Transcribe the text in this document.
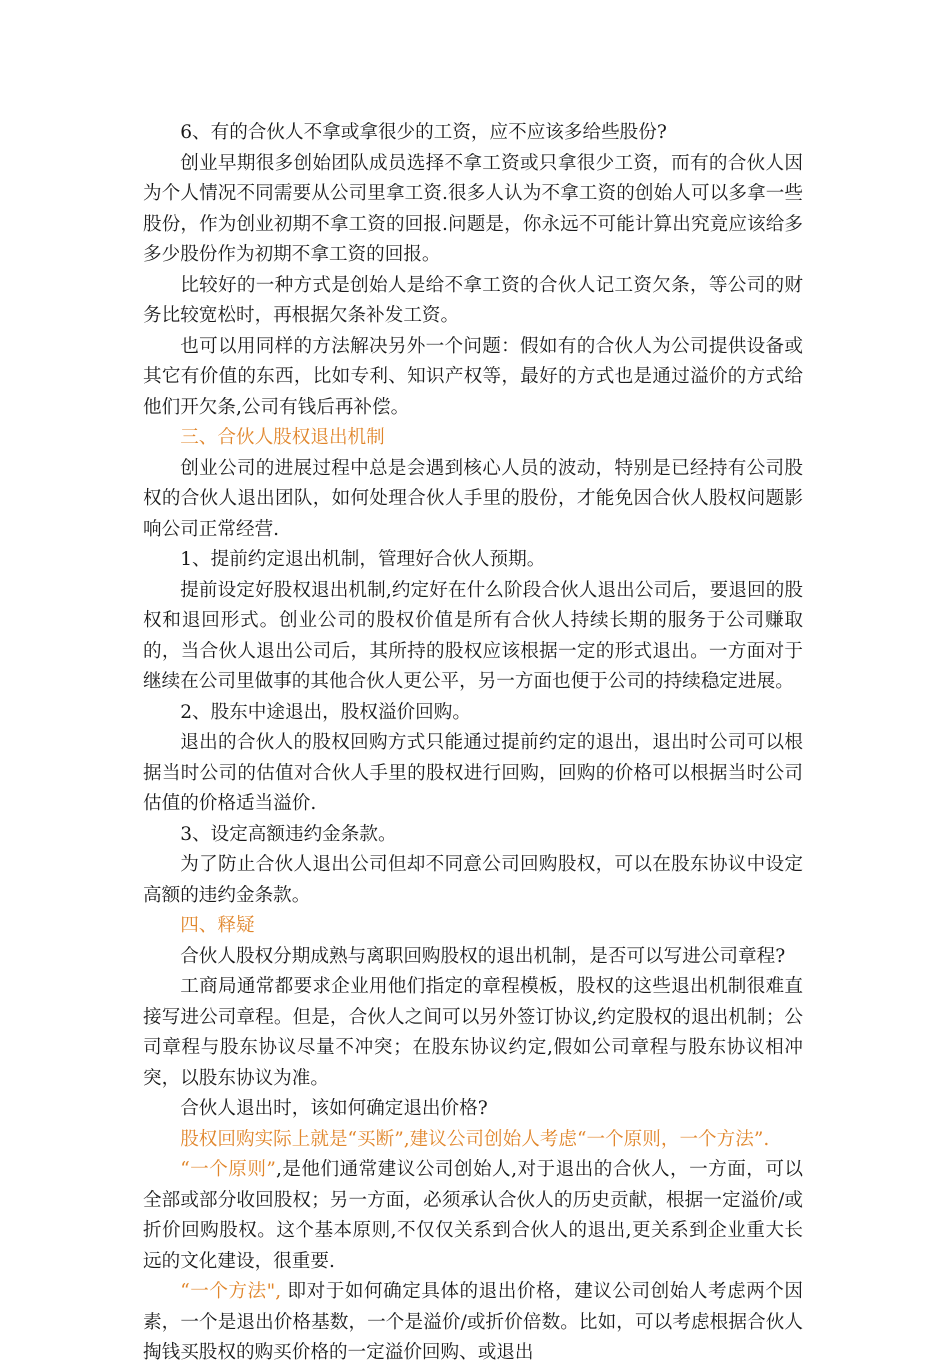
6、有的合伙人不拿或拿很少的工资，应不应该多给些股份?

创业早期很多创始团队成员选择不拿工资或只拿很少工资，而有的合伙人因为个人情况不同需要从公司里拿工资.很多人认为不拿工资的创始人可以多拿一些股份，作为创业初期不拿工资的回报.问题是，你永远不可能计算出究竟应该给多多少股份作为初期不拿工资的回报。

比较好的一种方式是创始人是给不拿工资的合伙人记工资欠条，等公司的财务比较宽松时，再根据欠条补发工资。

也可以用同样的方法解决另外一个问题：假如有的合伙人为公司提供设备或其它有价值的东西，比如专利、知识产权等，最好的方式也是通过溢价的方式给他们开欠条,公司有钱后再补偿。

三、合伙人股权退出机制

创业公司的进展过程中总是会遇到核心人员的波动，特别是已经持有公司股权的合伙人退出团队，如何处理合伙人手里的股份，才能免因合伙人股权问题影响公司正常经营.

1、提前约定退出机制，管理好合伙人预期。

提前设定好股权退出机制,约定好在什么阶段合伙人退出公司后，要退回的股权和退回形式。创业公司的股权价值是所有合伙人持续长期的服务于公司赚取的，当合伙人退出公司后，其所持的股权应该根据一定的形式退出。一方面对于继续在公司里做事的其他合伙人更公平，另一方面也便于公司的持续稳定进展。

2、股东中途退出，股权溢价回购。

退出的合伙人的股权回购方式只能通过提前约定的退出，退出时公司可以根据当时公司的估值对合伙人手里的股权进行回购，回购的价格可以根据当时公司估值的价格适当溢价.

3、设定高额违约金条款。

为了防止合伙人退出公司但却不同意公司回购股权，可以在股东协议中设定高额的违约金条款。

四、释疑

合伙人股权分期成熟与离职回购股权的退出机制，是否可以写进公司章程?

工商局通常都要求企业用他们指定的章程模板，股权的这些退出机制很难直接写进公司章程。但是，合伙人之间可以另外签订协议,约定股权的退出机制；公司章程与股东协议尽量不冲突；在股东协议约定,假如公司章程与股东协议相冲突，以股东协议为准。

合伙人退出时，该如何确定退出价格?

股权回购实际上就是“买断”,建议公司创始人考虑“一个原则，一个方法”.

“一个原则”,是他们通常建议公司创始人,对于退出的合伙人，一方面，可以全部或部分收回股权；另一方面，必须承认合伙人的历史贡献，根据一定溢价/或折价回购股权。这个基本原则,不仅仅关系到合伙人的退出,更关系到企业重大长远的文化建设，很重要.

“一个方法", 即对于如何确定具体的退出价格，建议公司创始人考虑两个因素，一个是退出价格基数，一个是溢价/或折价倍数。比如，可以考虑根据合伙人掏钱买股权的购买价格的一定溢价回购、或退出
